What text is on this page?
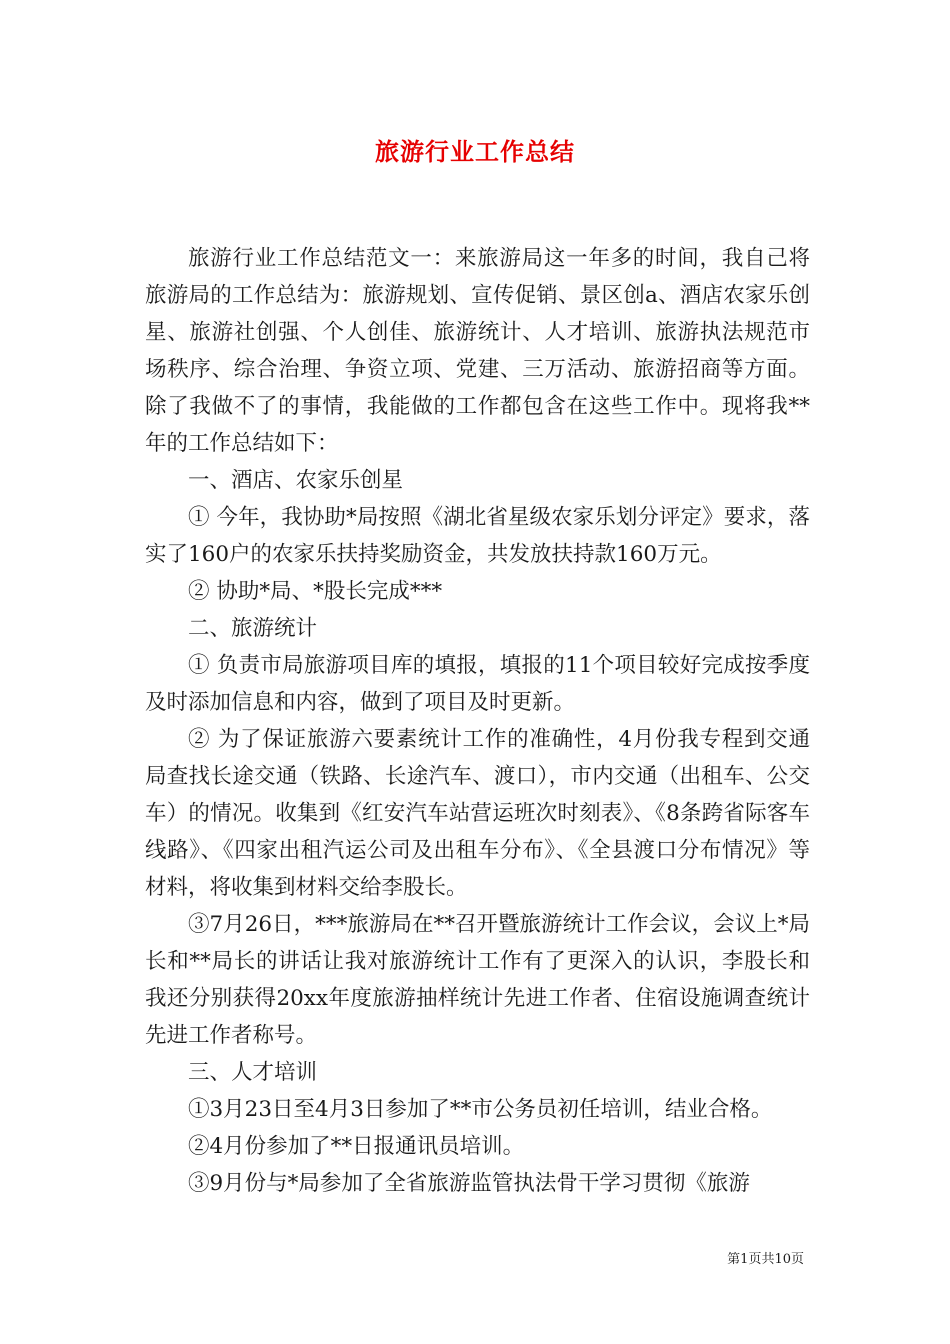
旅游行业工作总结

旅游行业工作总结范文一：来旅游局这一年多的时间，我自己将旅游局的工作总结为：旅游规划、宣传促销、景区创a、酒店农家乐创星、旅游社创强、个人创佳、旅游统计、人才培训、旅游执法规范市场秩序、综合治理、争资立项、党建、三万活动、旅游招商等方面。除了我做不了的事情，我能做的工作都包含在这些工作中。现将我**年的工作总结如下：

一、酒店、农家乐创星

① 今年，我协助*局按照《湖北省星级农家乐划分评定》要求，落实了160户的农家乐扶持奖励资金，共发放扶持款160万元。

② 协助*局、*股长完成***

二、旅游统计

① 负责市局旅游项目库的填报，填报的11个项目较好完成按季度及时添加信息和内容，做到了项目及时更新。

② 为了保证旅游六要素统计工作的准确性，4月份我专程到交通局查找长途交通（铁路、长途汽车、渡口），市内交通（出租车、公交车）的情况。收集到《红安汽车站营运班次时刻表》、《8条跨省际客车线路》、《四家出租汽运公司及出租车分布》、《全县渡口分布情况》等材料，将收集到材料交给李股长。

③7月26日，***旅游局在**召开暨旅游统计工作会议，会议上*局长和**局长的讲话让我对旅游统计工作有了更深入的认识，李股长和我还分别获得20xx年度旅游抽样统计先进工作者、住宿设施调查统计先进工作者称号。

三、人才培训

①3月23日至4月3日参加了**市公务员初任培训，结业合格。

②4月份参加了**日报通讯员培训。

③9月份与*局参加了全省旅游监管执法骨干学习贯彻《旅游

第1页共10页
